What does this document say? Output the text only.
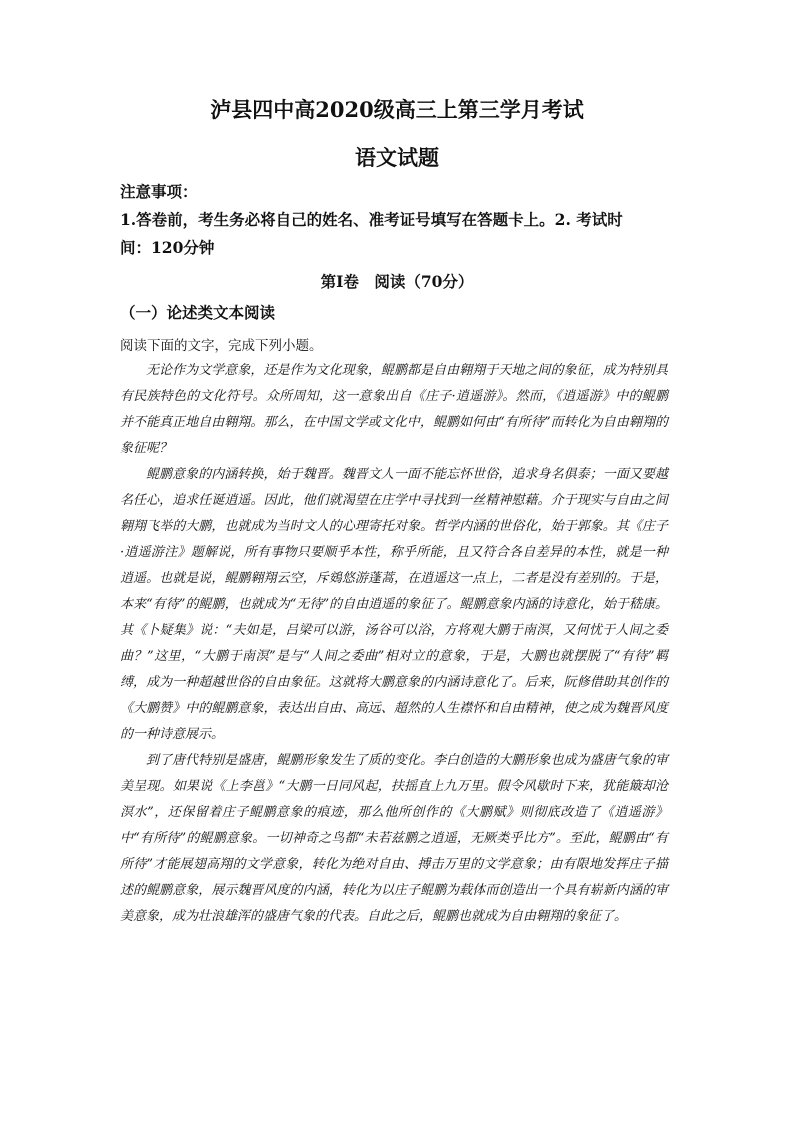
泸县四中高2020级高三上第三学月考试
语文试题

注意事项：

1.答卷前，考生务必将自己的姓名、准考证号填写在答题卡上。2. 考试时

间：120分钟

第I卷　阅读（70分）
（一）论述类文本阅读
阅读下面的文字，完成下列小题。

无论作为文学意象，还是作为文化现象，鲲鹏都是自由翱翔于天地之间的象征，成为特别具有民族特色的文化符号。众所周知，这一意象出自《庄子·逍遥游》。然而，《逍遥游》中的鲲鹏并不能真正地自由翱翔。那么，在中国文学或文化中，鲲鹏如何由“有所待”而转化为自由翱翔的象征呢？

鲲鹏意象的内涵转换，始于魏晋。魏晋文人一面不能忘怀世俗，追求身名俱泰；一面又要越名任心，追求任诞逍遥。因此，他们就渴望在庄学中寻找到一丝精神慰藉。介于现实与自由之间翱翔飞举的大鹏，也就成为当时文人的心理寄托对象。哲学内涵的世俗化，始于郭象。其《庄子·逍遥游注》题解说，所有事物只要顺乎本性，称乎所能，且又符合各自差异的本性，就是一种逍遥。也就是说，鲲鹏翱翔云空，斥鴳悠游蓬蒿，在逍遥这一点上，二者是没有差别的。于是，本来“有待”的鲲鹏，也就成为“无待”的自由逍遥的象征了。鲲鹏意象内涵的诗意化，始于嵇康。其《卜疑集》说：“夫如是，吕梁可以游，汤谷可以浴，方将观大鹏于南溟，又何忧于人间之委曲？”这里，“大鹏于南溟”是与“人间之委曲”相对立的意象，于是，大鹏也就摆脱了“有待”羁缚，成为一种超越世俗的自由象征。这就将大鹏意象的内涵诗意化了。后来，阮修借助其创作的《大鹏赞》中的鲲鹏意象，表达出自由、高远、超然的人生襟怀和自由精神，使之成为魏晋风度的一种诗意展示。

到了唐代特别是盛唐，鲲鹏形象发生了质的变化。李白创造的大鹏形象也成为盛唐气象的审美呈现。如果说《上李邕》“大鹏一日同风起，扶摇直上九万里。假令风歇时下来，犹能簸却沧溟水”，还保留着庄子鲲鹏意象的痕迹，那么他所创作的《大鹏赋》则彻底改造了《逍遥游》中“有所待”的鲲鹏意象。一切神奇之鸟都“未若兹鹏之逍遥，无厥类乎比方”。至此，鲲鹏由“有所待”才能展翅高翔的文学意象，转化为绝对自由、搏击万里的文学意象；由有限地发挥庄子描述的鲲鹏意象，展示魏晋风度的内涵，转化为以庄子鲲鹏为载体而创造出一个具有崭新内涵的审美意象，成为壮浪雄浑的盛唐气象的代表。自此之后，鲲鹏也就成为自由翱翔的象征了。
